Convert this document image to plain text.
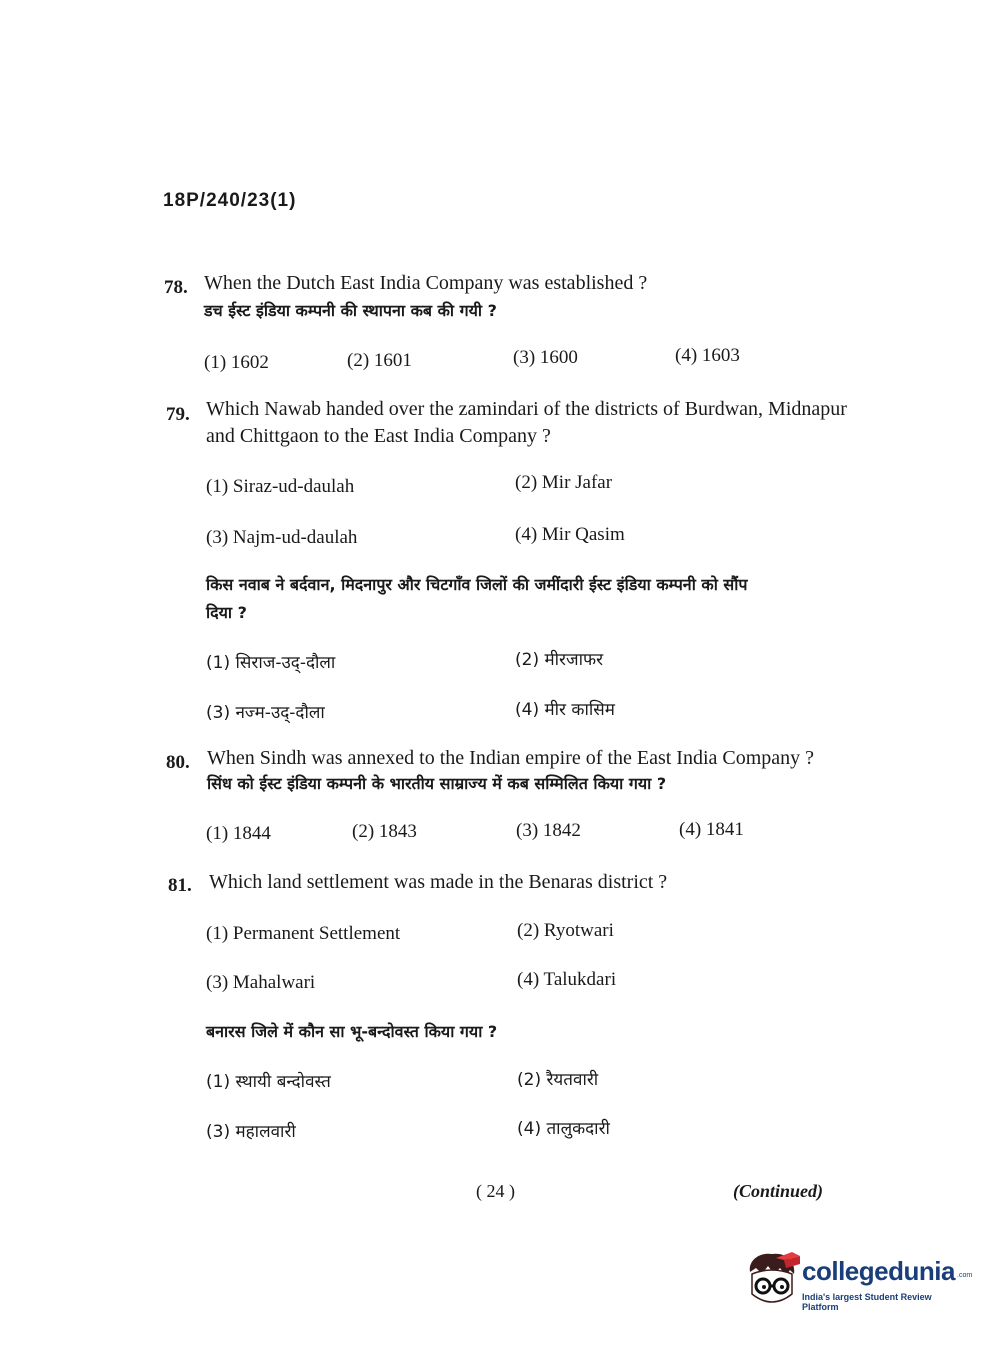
18P/240/23(1)
78. When the Dutch East India Company was established ?
डच ईस्ट इंडिया कम्पनी की स्थापना कब की गयी ?
(1) 1602	(2) 1601	(3) 1600	(4) 1603
79. Which Nawab handed over the zamindari of the districts of Burdwan, Midnapur
and Chittgaon to the East India Company ?
(1) Siraz-ud-daulah	(2) Mir Jafar
(3) Najm-ud-daulah	(4) Mir Qasim
किस नवाब ने बर्दवान, मिदनापुर और चिटगाँव जिलों की जमींदारी ईस्ट इंडिया कम्पनी को सौंप
दिया ?
(1) सिराज-उद्-दौला	(2) मीरजाफर
(3) नज्म-उद्-दौला	(4) मीर कासिम
80. When Sindh was annexed to the Indian empire of the East India Company ?
सिंध को ईस्ट इंडिया कम्पनी के भारतीय साम्राज्य में कब सम्मिलित किया गया ?
(1) 1844	(2) 1843	(3) 1842	(4) 1841
81. Which land settlement was made in the Benaras district ?
(1) Permanent Settlement	(2) Ryotwari
(3) Mahalwari	(4) Talukdari
बनारस जिले में कौन सा भू-बन्दोवस्त किया गया ?
(1) स्थायी बन्दोवस्त	(2) रैयतवारी
(3) महालवारी	(4) तालुकदारी
( 24 )	(Continued)
collegedunia .com
India's largest Student Review Platform
